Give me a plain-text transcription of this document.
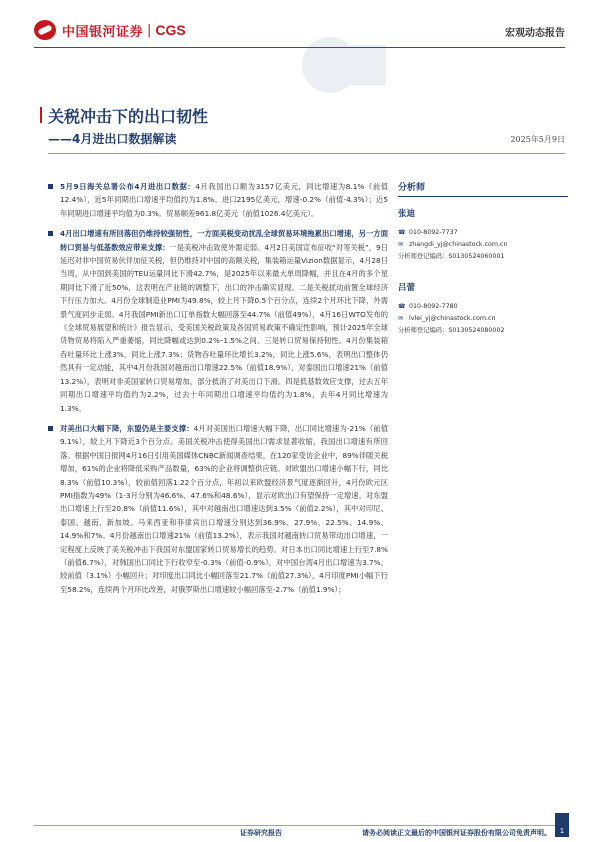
中国银河证券 | CGS	宏观动态报告
关税冲击下的出口韧性
——4月进出口数据解读	2025年5月9日

5月9日海关总署公布4月进出口数据：4月我国出口额为3157亿美元，同比增速为8.1%（前值12.4%），近5年同期出口增速平均值约为1.8%。进口2195亿美元，增速-0.2%（前值-4.3%）；近5年同期进口增速平均值为0.3%。贸易顺差961.8亿美元（前值1026.4亿美元）。

4月出口增速有所回落但仍维持较强韧性，一方面美税变动扰乱全球贸易环境拖累出口增速，另一方面转口贸易与低基数效应带来支撑：一是美税冲击致使外需走弱。4月2日美国宣布征收“对等关税”，9日延迟对非中国贸易伙伴加征关税，但仍维持对中国的高额关税，集装箱运量Vizion数据显示，4月28日当周，从中国到美国的TEU运量同比下滑42.7%，是2025年以来最大单周降幅，并且在4月的多个星期同比下滑了近50%，这表明在产业链的调整下，出口的冲击确实显现。二是关税扰动前置全球经济下行压力加大。4月份全球制造业PMI为49.8%，较上月下降0.5个百分点，连续2个月环比下降，外需景气度同步走弱。4月我国PMI新出口订单指数大幅回落至44.7%（前值49%），4月16日WTO发布的《全球贸易展望和统计》报告显示，受美国关税政策及各国贸易政策不确定性影响，预计2025年全球货物贸易将陷入严重萎缩，同比降幅或达到0.2%–1.5%之间。三是转口贸易保持韧性。4月份集装箱吞吐量环比上涨3%，同比上涨7.3%；货物吞吐量环比增长3.2%，同比上涨5.6%，表明出口整体仍然具有一定动能，其中4月份我国对越南出口增速22.5%（前值18.9%），对泰国出口增速21%（前值13.2%），表明对非美国家转口贸易增加，部分抵消了对美出口下滑。四是低基数效应支撑，过去五年同期出口增速平均值约为2.2%，过去十年同期出口增速平均值约为1.8%，去年4月同比增速为1.3%。

对美出口大幅下降，东盟仍是主要支撑：4月对美国出口增速大幅下降，出口同比增速为-21%（前值9.1%），较上月下降近3个百分点。美国关税冲击使得美国出口需求显著收缩，我国出口增速有所回落。根据中国日报网4月16日引用美国媒体CNBC新闻调查结果，在120家受访企业中，89%伴随关税增加，61%的企业将降低采购产品数量，63%的企业将调整供应链。对欧盟出口增速小幅下行，同比8.3%（前值10.3%），较前值回落1.22个百分点，年初以来欧盟经济景气度逐渐回升，4月份欧元区PMI指数为49%（1-3月分别为46.6%、47.6%和48.6%），显示对欧出口有望保持一定增速。对东盟出口增速上行至20.8%（前值11.6%），其中对越南出口增速达到3.5%（前值2.2%），其中对印尼、泰国、越南、新加坡、马来西亚和菲律宾出口增速分别达到36.9%、27.9%、22.5%、14.9%、14.9%和7%。4月份越南出口增速21%（前值13.2%），表示我国对越南转口贸易带动出口增速，一定程度上反映了美关税冲击下我国对东盟国家转口贸易增长的趋势。对日本出口同比增速上行至7.8%（前值6.7%），对韩国出口同比下行收窄至-0.3%（前值-0.9%），对中国台湾4月出口增速为3.7%，较前值（3.1%）小幅回升；对印度出口同比小幅回落至21.7%（前值27.3%），4月印度PMI小幅下行至58.2%，连续两个月环比改善，对俄罗斯出口增速较小幅回落至-2.7%（前值1.9%）；

分析师
张迪
☎ 010-8092-7737
✉ zhangdi_yj@chinastock.com.cn
分析师登记编码： S0130524060001
吕蕾
☎ 010-8092-7780
✉ lvlei_yj@chinastock.com.cn
分析师登记编码： S0130524080002
证券研究报告	请务必阅读正文最后的中国银河证券股份有限公司免责声明。	1
